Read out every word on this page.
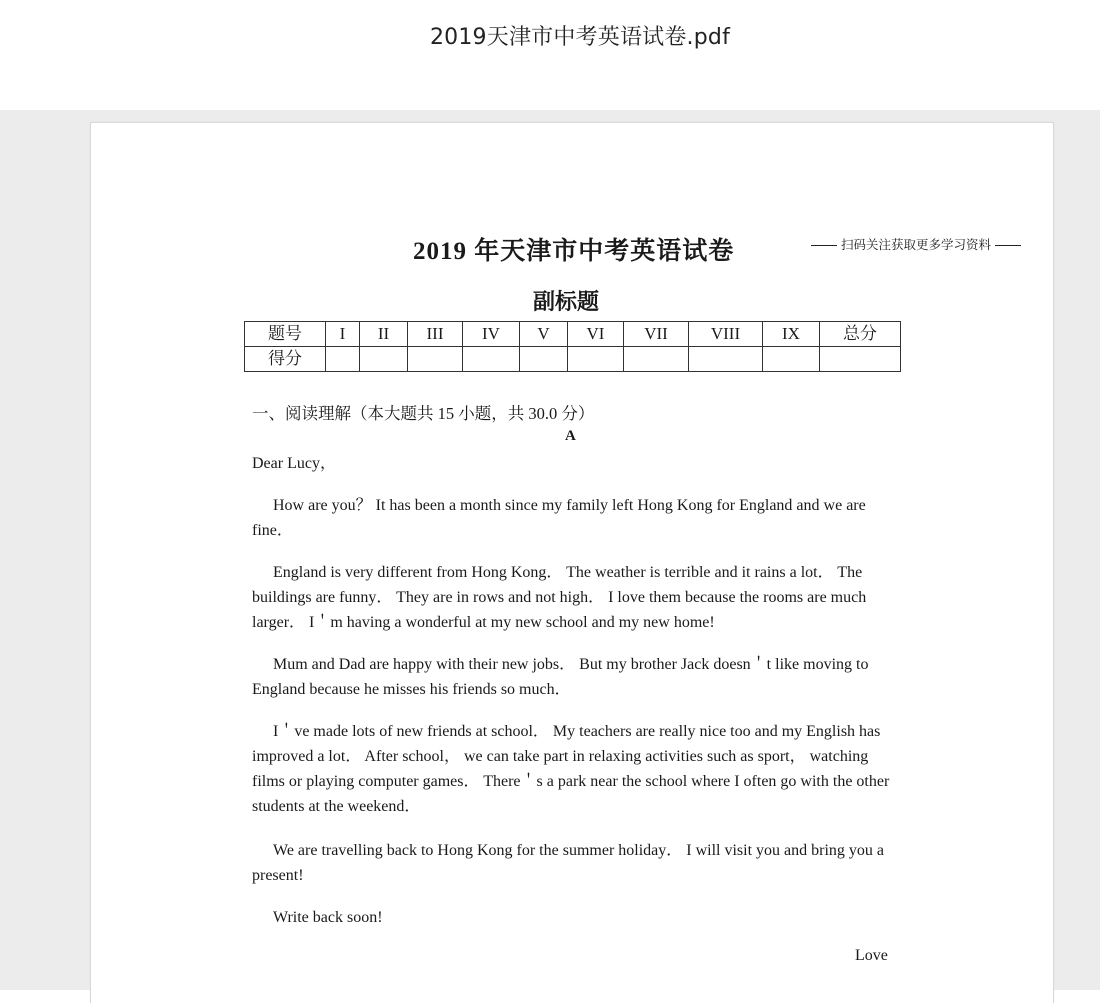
2019天津市中考英语试卷.pdf
2019 年天津市中考英语试卷	扫码关注获取更多学习资料
副标题
题号	I	II	III	IV	V	VI	VII	VIII	IX	总分
得分										
一、阅读理解（本大题共 15 小题，共 30.0 分）
A
Dear Lucy，
How are you？ It has been a month since my family left Hong Kong for England and we are fine．
England is very different from Hong Kong． The weather is terrible and it rains a lot． The buildings are funny． They are in rows and not high． I love them because the rooms are much larger． I＇m having a wonderful at my new school and my new home!
Mum and Dad are happy with their new jobs． But my brother Jack doesn＇t like moving to England because he misses his friends so much．
I＇ve made lots of new friends at school． My teachers are really nice too and my English has improved a lot． After school， we can take part in relaxing activities such as sport， watching films or playing computer games． There＇s a park near the school where I often go with the other students at the weekend．
We are travelling back to Hong Kong for the summer holiday． I will visit you and bring you a present!
Write back soon!
Love
